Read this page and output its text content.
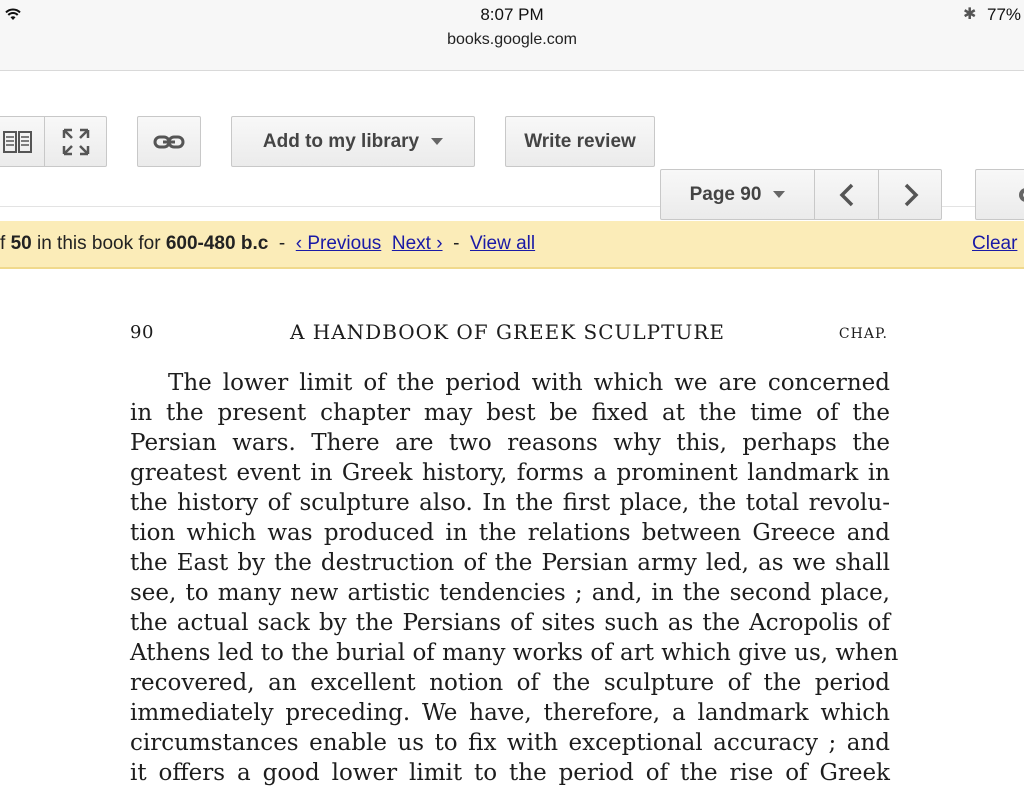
8:07 PM
books.google.com
✱ 77%
Add to my library	Write review
Page 90
f 50 in this book for 600-480 b.c  -  ‹ Previous Next ›  -  View all	Clear
90	A HANDBOOK OF GREEK SCULPTURE	CHAP.
The lower limit of the period with which we are concerned
in the present chapter may best be fixed at the time of the
Persian wars. There are two reasons why this, perhaps the
greatest event in Greek history, forms a prominent landmark in
the history of sculpture also. In the first place, the total revolu-
tion which was produced in the relations between Greece and
the East by the destruction of the Persian army led, as we shall
see, to many new artistic tendencies ; and, in the second place,
the actual sack by the Persians of sites such as the Acropolis of
Athens led to the burial of many works of art which give us, when
recovered, an excellent notion of the sculpture of the period
immediately preceding. We have, therefore, a landmark which
circumstances enable us to fix with exceptional accuracy ; and
it offers a good lower limit to the period of the rise of Greek
